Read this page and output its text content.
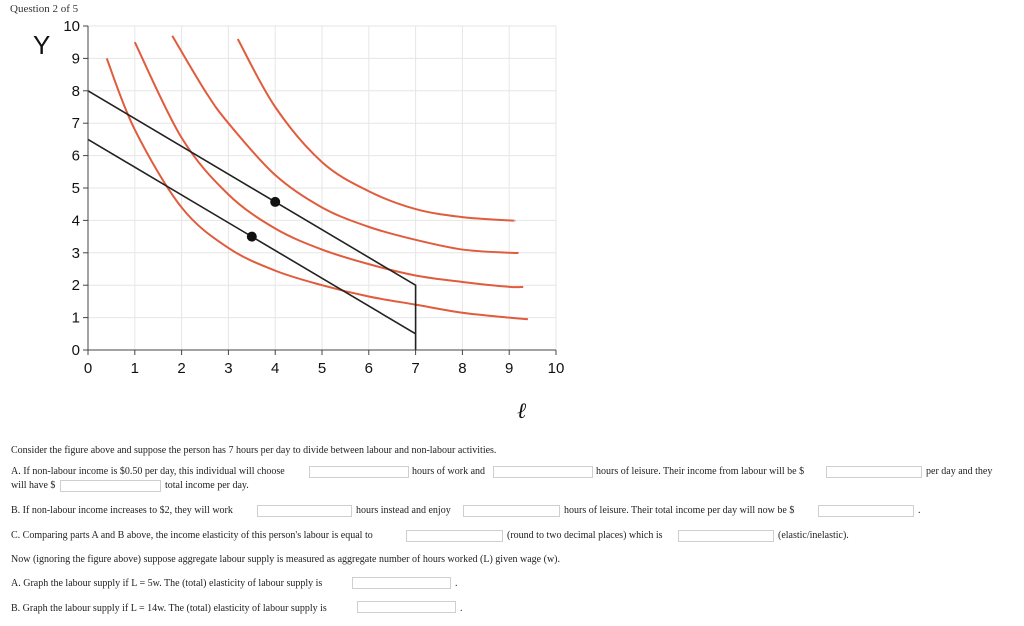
Question 2 of 5
0	1	2	3	4	5	6	7	8	9 10
0
1
2
3
4
5
6
7
8
9
10
Y
ℓ
Consider the figure above and suppose the person has 7 hours per day to divide between labour and non-labour activities.
A. If non-labour income is $0.50 per day, this individual will choose	hours of work and	hours of leisure. Their income from labour will be $	per day and they
will have $	total income per day.
B. If non-labour income increases to $2, they will work	hours instead and enjoy	hours of leisure. Their total income per day will now be $	.
C. Comparing parts A and B above, the income elasticity of this person's labour is equal to	(round to two decimal places) which is	(elastic/inelastic).
Now (ignoring the figure above) suppose aggregate labour supply is measured as aggregate number of hours worked (L) given wage (w).
A. Graph the labour supply if L = 5w. The (total) elasticity of labour supply is	.
B. Graph the labour supply if L = 14w. The (total) elasticity of labour supply is	.
